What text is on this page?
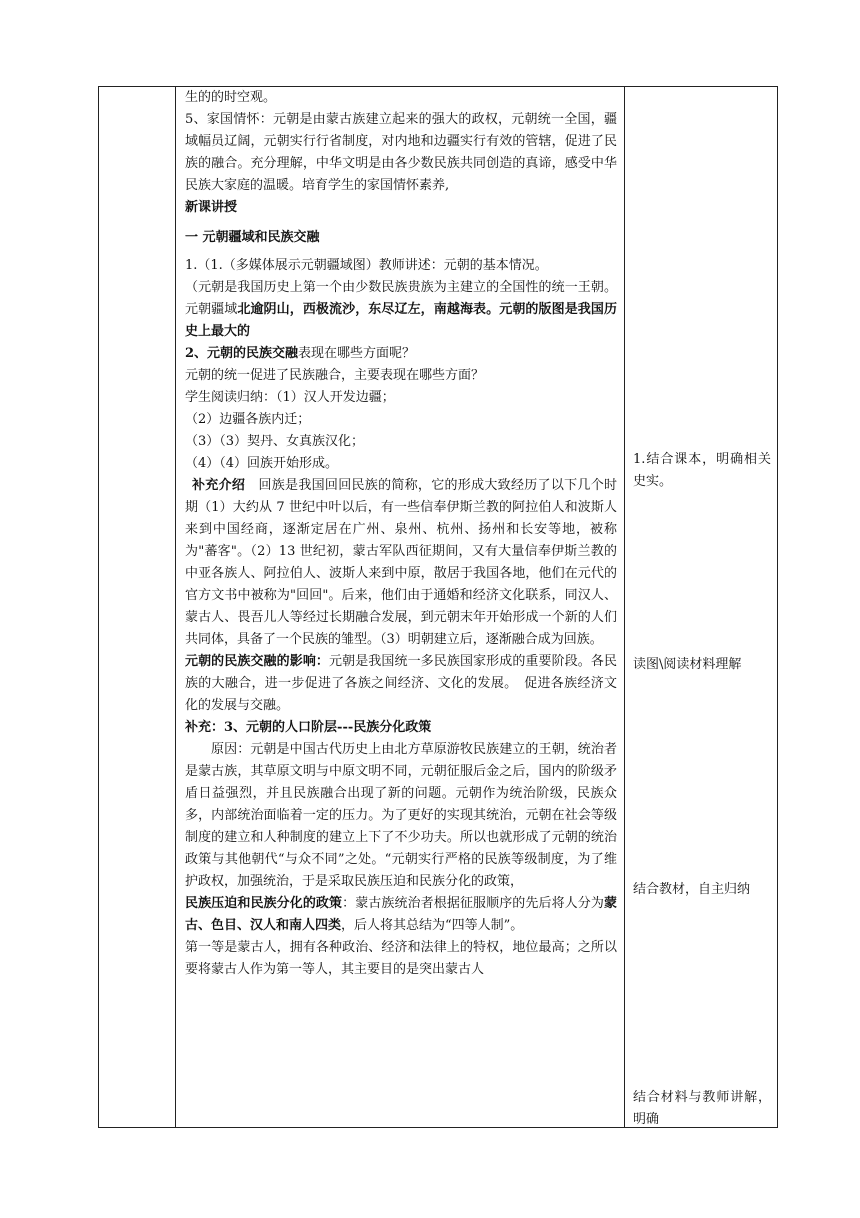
生的的时空观。

5、家国情怀：元朝是由蒙古族建立起来的强大的政权，元朝统一全国，疆域幅员辽阔，元朝实行行省制度，对内地和边疆实行有效的管辖，促进了民族的融合。充分理解，中华文明是由各少数民族共同创造的真谛，感受中华民族大家庭的温暖。培育学生的家国情怀素养,

新课讲授

一 元朝疆域和民族交融

1.（1.（多媒体展示元朝疆域图）教师讲述：元朝的基本情况。

（元朝是我国历史上第一个由少数民族贵族为主建立的全国性的统一王朝。元朝疆域北逾阴山，西极流沙，东尽辽左，南越海表。元朝的版图是我国历史上最大的

2、元朝的民族交融表现在哪些方面呢？

元朝的统一促进了民族融合，主要表现在哪些方面？

学生阅读归纳：（1）汉人开发边疆；

（2）边疆各族内迁；

（3）（3）契丹、女真族汉化；

（4）（4）回族开始形成。

补充介绍　回族是我国回回民族的简称，它的形成大致经历了以下几个时期（1）大约从 7 世纪中叶以后，有一些信奉伊斯兰教的阿拉伯人和波斯人来到中国经商，逐渐定居在广州、泉州、杭州、扬州和长安等地，被称为"蕃客"。（2）13 世纪初，蒙古军队西征期间，又有大量信奉伊斯兰教的中亚各族人、阿拉伯人、波斯人来到中原，散居于我国各地，他们在元代的官方文书中被称为"回回"。后来，他们由于通婚和经济文化联系，同汉人、蒙古人、畏吾儿人等经过长期融合发展，到元朝末年开始形成一个新的人们共同体，具备了一个民族的雏型。（3）明朝建立后，逐渐融合成为回族。

元朝的民族交融的影响：元朝是我国统一多民族国家形成的重要阶段。各民族的大融合，进一步促进了各族之间经济、文化的发展。　促进各族经济文化的发展与交融。

补充：3、元朝的人口阶层---民族分化政策

原因：元朝是中国古代历史上由北方草原游牧民族建立的王朝，统治者是蒙古族，其草原文明与中原文明不同，元朝征服后金之后，国内的阶级矛盾日益强烈，并且民族融合出现了新的问题。元朝作为统治阶级，民族众多，内部统治面临着一定的压力。为了更好的实现其统治，元朝在社会等级制度的建立和人种制度的建立上下了不少功夫。所以也就形成了元朝的统治政策与其他朝代“与众不同”之处。“元朝实行严格的民族等级制度，为了维护政权，加强统治，于是采取民族压迫和民族分化的政策，

民族压迫和民族分化的政策：蒙古族统治者根据征服顺序的先后将人分为蒙古、色目、汉人和南人四类，后人将其总结为“四等人制”。

第一等是蒙古人，拥有各种政治、经济和法律上的特权，地位最高；之所以要将蒙古人作为第一等人，其主要目的是突出蒙古人

1.结合课本，明确相关史实。
读图\阅读材料理解
结合教材，自主归纳
结合材料与教师讲解，明确
